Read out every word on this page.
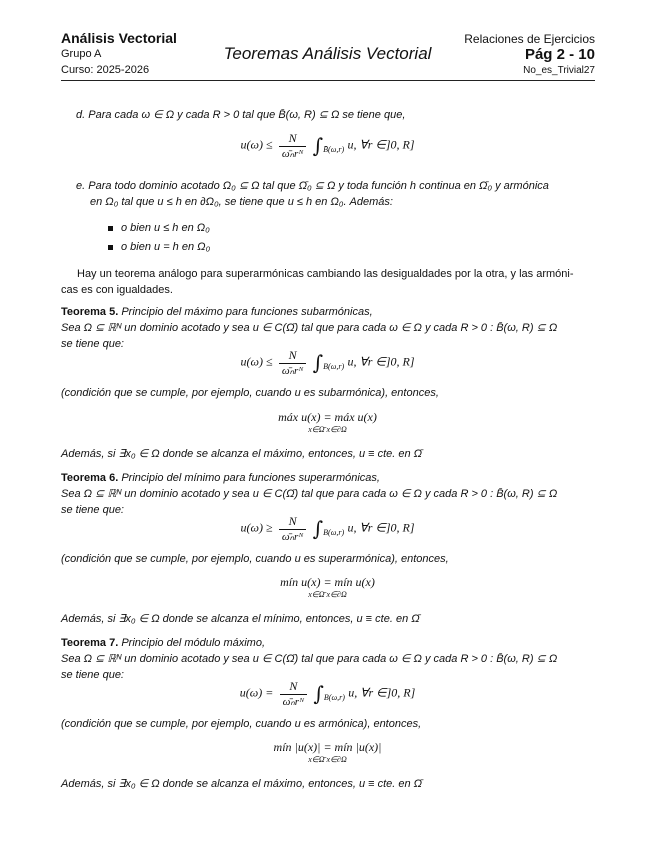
Análisis Vectorial
Grupo A
Curso: 2025-2026
Teoremas Análisis Vectorial
Relaciones de Ejercicios
Pág 2 - 10
No_es_Trivial27
d. Para cada ω ∈ Ω y cada R > 0 tal que B̄(ω, R) ⊆ Ω se tiene que,
$u(\omega) \le \frac{N}{\text{ω̄ₙrᴺ}} \int_{B̄(\omega,r)}$ u, ∀r ∈]0, R]
e. Para todo dominio acotado Ω₀ ⊆ Ω tal que Ω̄₀ ⊆ Ω y toda función h continua en Ω̄₀ y armónica
en Ω₀ tal que u ≤ h en ∂Ω₀, se tiene que u ≤ h en Ω₀. Además:
o bien u ≤ h en Ω₀
o bien u = h en Ω₀
Hay un teorema análogo para superarmónicas cambiando las desigualdades por la otra, y las armóni-
cas es con igualdades.
Teorema 5. Principio del máximo para funciones subarmónicas,
Sea Ω ⊆ ℝᴺ un dominio acotado y sea u ∈ C(Ω̄) tal que para cada ω ∈ Ω y cada R > 0 : B̄(ω, R) ⊆ Ω
se tiene que:
$u(\omega) \le \frac{N}{\text{ω̄ₙrᴺ}} \int_{B(\omega,r)}$ u, ∀r ∈]0, R]
(condición que se cumple, por ejemplo, cuando u es subarmónica), entonces,
máx u(x) = máx u(x)
x∈Ω̄ x∈∂Ω
Además, si ∃x₀ ∈ Ω donde se alcanza el máximo, entonces, u ≡ cte. en Ω̄
Teorema 6. Principio del mínimo para funciones superarmónicas,
Sea Ω ⊆ ℝᴺ un dominio acotado y sea u ∈ C(Ω̄) tal que para cada ω ∈ Ω y cada R > 0 : B̄(ω, R) ⊆ Ω
se tiene que:
$u(\omega) \ge \frac{N}{\text{ω̄ₙrᴺ}} \int_{B(\omega,r)}$ u, ∀r ∈]0, R]
(condición que se cumple, por ejemplo, cuando u es superarmónica), entonces,
mín u(x) = mín u(x)
x∈Ω̄ x∈∂Ω
Además, si ∃x₀ ∈ Ω donde se alcanza el mínimo, entonces, u ≡ cte. en Ω̄
Teorema 7. Principio del módulo máximo,
Sea Ω ⊆ ℝᴺ un dominio acotado y sea u ∈ C(Ω̄) tal que para cada ω ∈ Ω y cada R > 0 : B̄(ω, R) ⊆ Ω
se tiene que:
$u(\omega) = \frac{N}{\text{ω̄ₙrᴺ}} \int_{B(\omega,r)}$ u, ∀r ∈]0, R]
(condición que se cumple, por ejemplo, cuando u es armónica), entonces,
mín |u(x)| = mín |u(x)|
x∈Ω̄ x∈∂Ω
Además, si ∃x₀ ∈ Ω donde se alcanza el máximo, entonces, u ≡ cte. en Ω̄
